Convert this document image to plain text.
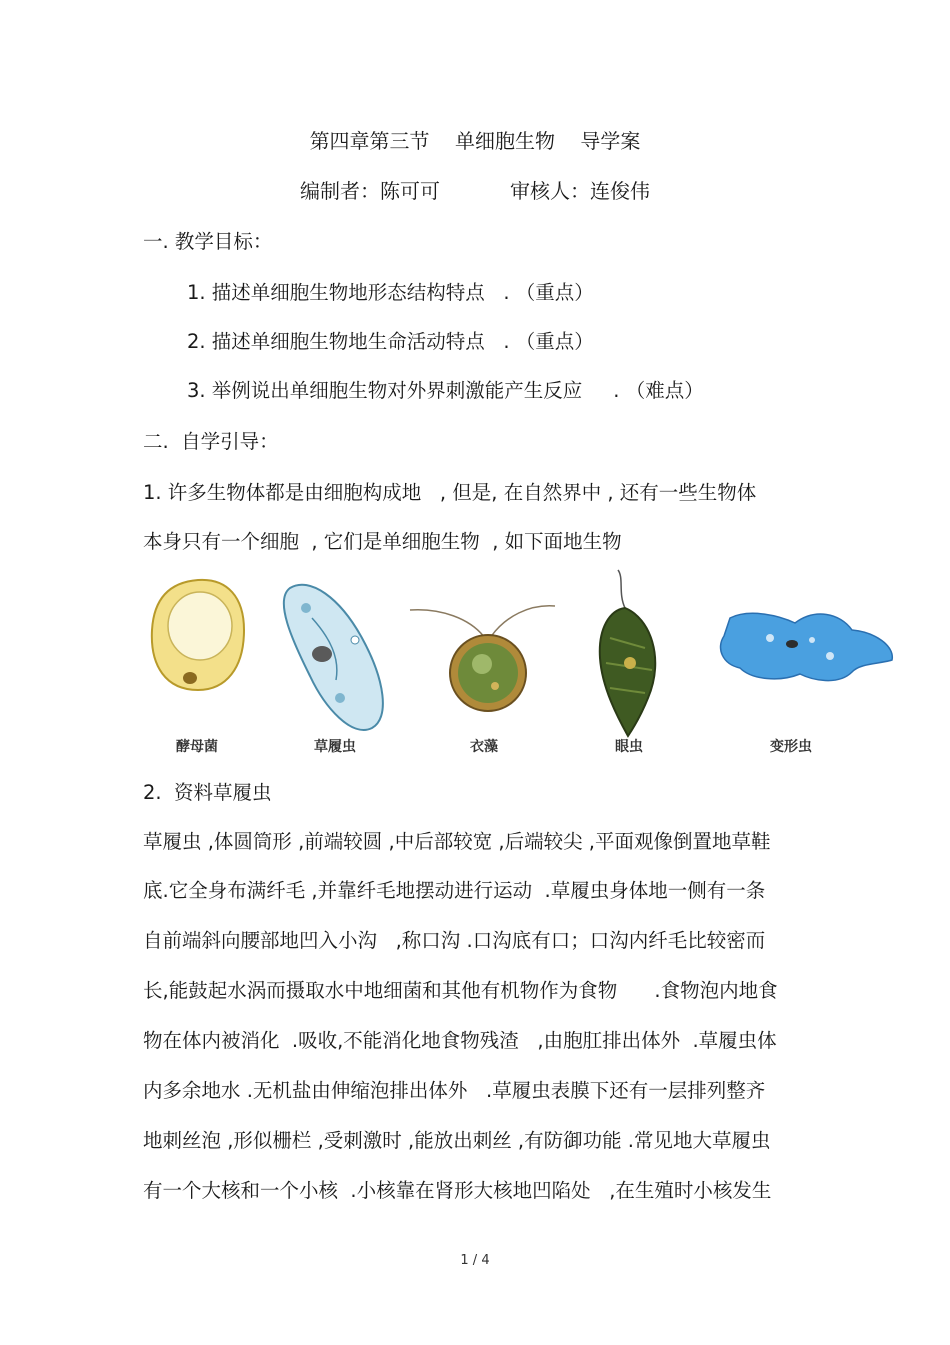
第四章第三节    单细胞生物    导学案
编制者：陈可可           审核人：连俊伟
一. 教学目标：
1. 描述单细胞生物地形态结构特点   . （重点）
2. 描述单细胞生物地生命活动特点   . （重点）
3. 举例说出单细胞生物对外界刺激能产生反应     . （难点）
二.  自学引导：
1. 许多生物体都是由细胞构成地   , 但是, 在自然界中 , 还有一些生物体
本身只有一个细胞  , 它们是单细胞生物  , 如下面地生物
酵母菌	草履虫	衣藻	眼虫	变形虫
2.  资料草履虫
草履虫 ,体圆筒形 ,前端较圆 ,中后部较宽 ,后端较尖 ,平面观像倒置地草鞋
底.它全身布满纤毛 ,并靠纤毛地摆动进行运动  .草履虫身体地一侧有一条
自前端斜向腰部地凹入小沟   ,称口沟 .口沟底有口；口沟内纤毛比较密而
长,能鼓起水涡而摄取水中地细菌和其他有机物作为食物      .食物泡内地食
物在体内被消化  .吸收,不能消化地食物残渣   ,由胞肛排出体外  .草履虫体
内多余地水 .无机盐由伸缩泡排出体外   .草履虫表膜下还有一层排列整齐
地刺丝泡 ,形似栅栏 ,受刺激时 ,能放出刺丝 ,有防御功能 .常见地大草履虫
有一个大核和一个小核  .小核靠在肾形大核地凹陷处   ,在生殖时小核发生
1 / 4
